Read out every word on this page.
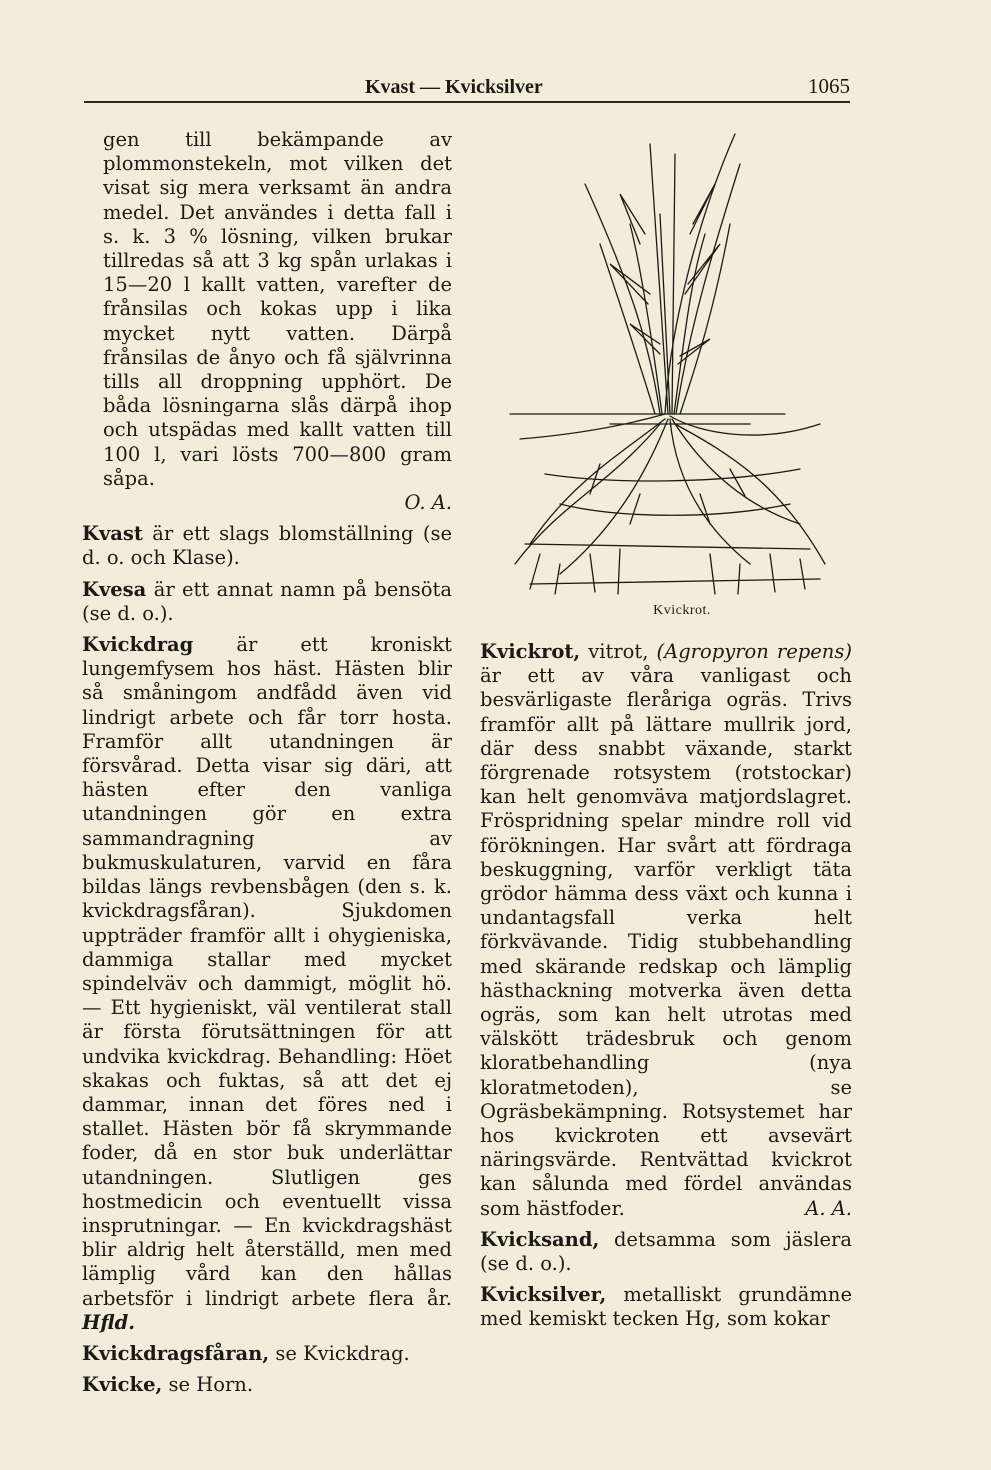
Kvast — Kvicksilver	1065

gen till bekämpande av plommonstekeln, mot vilken det visat sig mera verksamt än andra medel. Det användes i detta fall i s. k. 3 % lösning, vilken brukar tillredas så att 3 kg spån urlakas i 15—20 l kallt vatten, varefter de frånsilas och kokas upp i lika mycket nytt vatten. Därpå frånsilas de ånyo och få självrinna tills all droppning upphört. De båda lösningarna slås därpå ihop och utspädas med kallt vatten till 100 l, vari lösts 700—800 gram såpa.
O. A.

Kvast är ett slags blomställning (se d. o. och Klase).

Kvesa är ett annat namn på bensöta (se d. o.).

Kvickdrag är ett kroniskt lungemfysem hos häst. Hästen blir så småningom andfådd även vid lindrigt arbete och får torr hosta. Framför allt utandningen är försvårad. Detta visar sig däri, att hästen efter den vanliga utandningen gör en extra sammandragning av bukmuskulaturen, varvid en fåra bildas längs revbensbågen (den s. k. kvickdragsfåran). Sjukdomen uppträder framför allt i ohygieniska, dammiga stallar med mycket spindelväv och dammigt, möglit hö. — Ett hygieniskt, väl ventilerat stall är första förutsättningen för att undvika kvickdrag. Behandling: Höet skakas och fuktas, så att det ej dammar, innan det föres ned i stallet. Hästen bör få skrymmande foder, då en stor buk underlättar utandningen. Slutligen ges hostmedicin och eventuellt vissa insprutningar. — En kvickdragshäst blir aldrig helt återställd, men med lämplig vård kan den hållas arbetsför i lindrigt arbete flera år. Hfld.

Kvickdragsfåran, se Kvickdrag.

Kvicke, se Horn.

Kvickrot.

Kvickrot, vitrot, (Agropyron repens) är ett av våra vanligast och besvärligaste fleråriga ogräs. Trivs framför allt på lättare mullrik jord, där dess snabbt växande, starkt förgrenade rotsystem (rotstockar) kan helt genomväva matjordslagret. Fröspridning spelar mindre roll vid förökningen. Har svårt att fördraga beskuggning, varför verkligt täta grödor hämma dess växt och kunna i undantagsfall verka helt förkvävande. Tidig stubbehandling med skärande redskap och lämplig hästhackning motverka även detta ogräs, som kan helt utrotas med välskött trädesbruk och genom kloratbehandling (nya kloratmetoden), se Ogräsbekämpning. Rotsystemet har hos kvickroten ett avsevärt näringsvärde. Rentvättad kvickrot kan sålunda med fördel användas som hästfoder.	A. A.

Kvicksand, detsamma som jäslera (se d. o.).

Kvicksilver, metalliskt grundämne med kemiskt tecken Hg, som kokar
